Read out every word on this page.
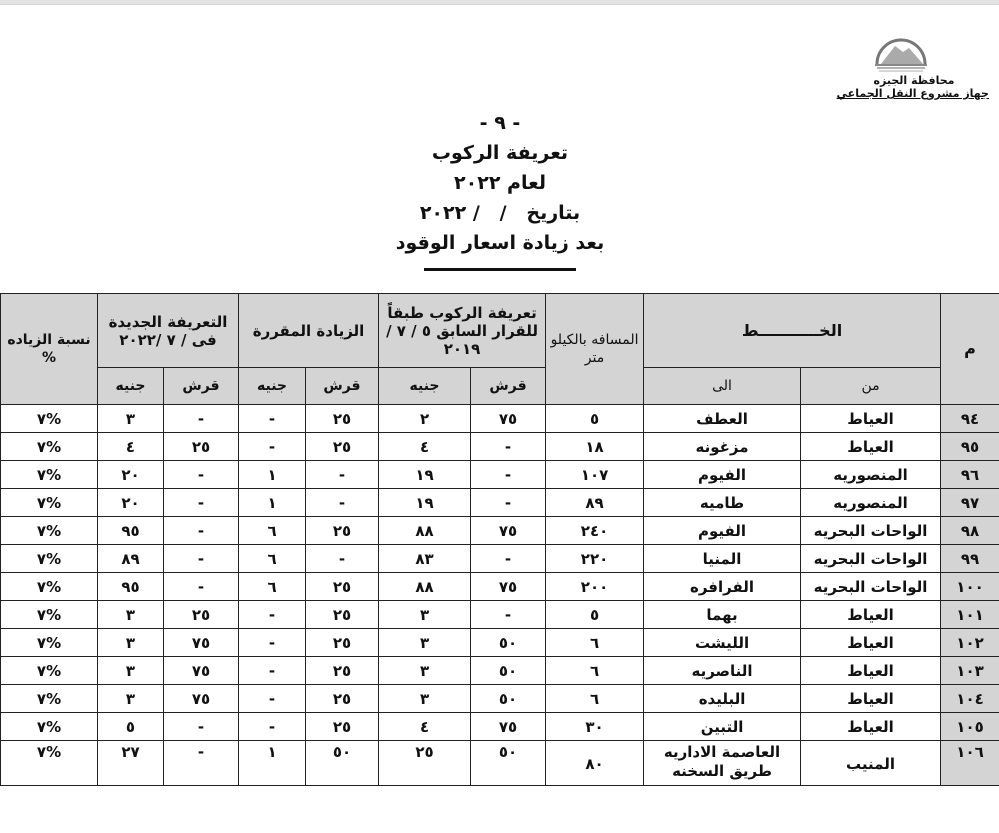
محافظة الجيزه
جهاز مشروع النقل الجماعي
- ٩ -
تعريفة الركوب
لعام ٢٠٢٢
بتاريخ   /   / ٢٠٢٢
بعد زيادة اسعار الوقود
م	الخـــــــــــط		المسافه بالكيلو متر	تعريفة الركوب طبقاً للقرار السابق ٥ / ٧ / ٢٠١٩		الزيادة المقررة		التعريفة الجديدة فى / ٧ /٢٠٢٢		نسبة الزياده %
	من	الى		قرش	جنيه	قرش	جنيه	قرش	جنيه	
٩٤	العياط	العطف	٥	٧٥	٢	٢٥	-	-	٣	%٧
٩٥	العياط	مزغونه	١٨	-	٤	٢٥	-	٢٥	٤	%٧
٩٦	المنصوريه	الفيوم	١٠٧	-	١٩	-	١	-	٢٠	%٧
٩٧	المنصوريه	طاميه	٨٩	-	١٩	-	١	-	٢٠	%٧
٩٨	الواحات البحريه	الفيوم	٢٤٠	٧٥	٨٨	٢٥	٦	-	٩٥	%٧
٩٩	الواحات البحريه	المنيا	٢٢٠	-	٨٣	-	٦	-	٨٩	%٧
١٠٠	الواحات البحريه	الفرافره	٢٠٠	٧٥	٨٨	٢٥	٦	-	٩٥	%٧
١٠١	العياط	بهما	٥	-	٣	٢٥	-	٢٥	٣	%٧
١٠٢	العياط	الليشت	٦	٥٠	٣	٢٥	-	٧٥	٣	%٧
١٠٣	العياط	الناصريه	٦	٥٠	٣	٢٥	-	٧٥	٣	%٧
١٠٤	العياط	البليده	٦	٥٠	٣	٢٥	-	٧٥	٣	%٧
١٠٥	العياط	التبين	٣٠	٧٥	٤	٢٥	-	-	٥	%٧
١٠٦	المنيب	العاصمة الاداريه طريق السخنه	٨٠	٥٠	٢٥	٥٠	١	-	٢٧	%٧
